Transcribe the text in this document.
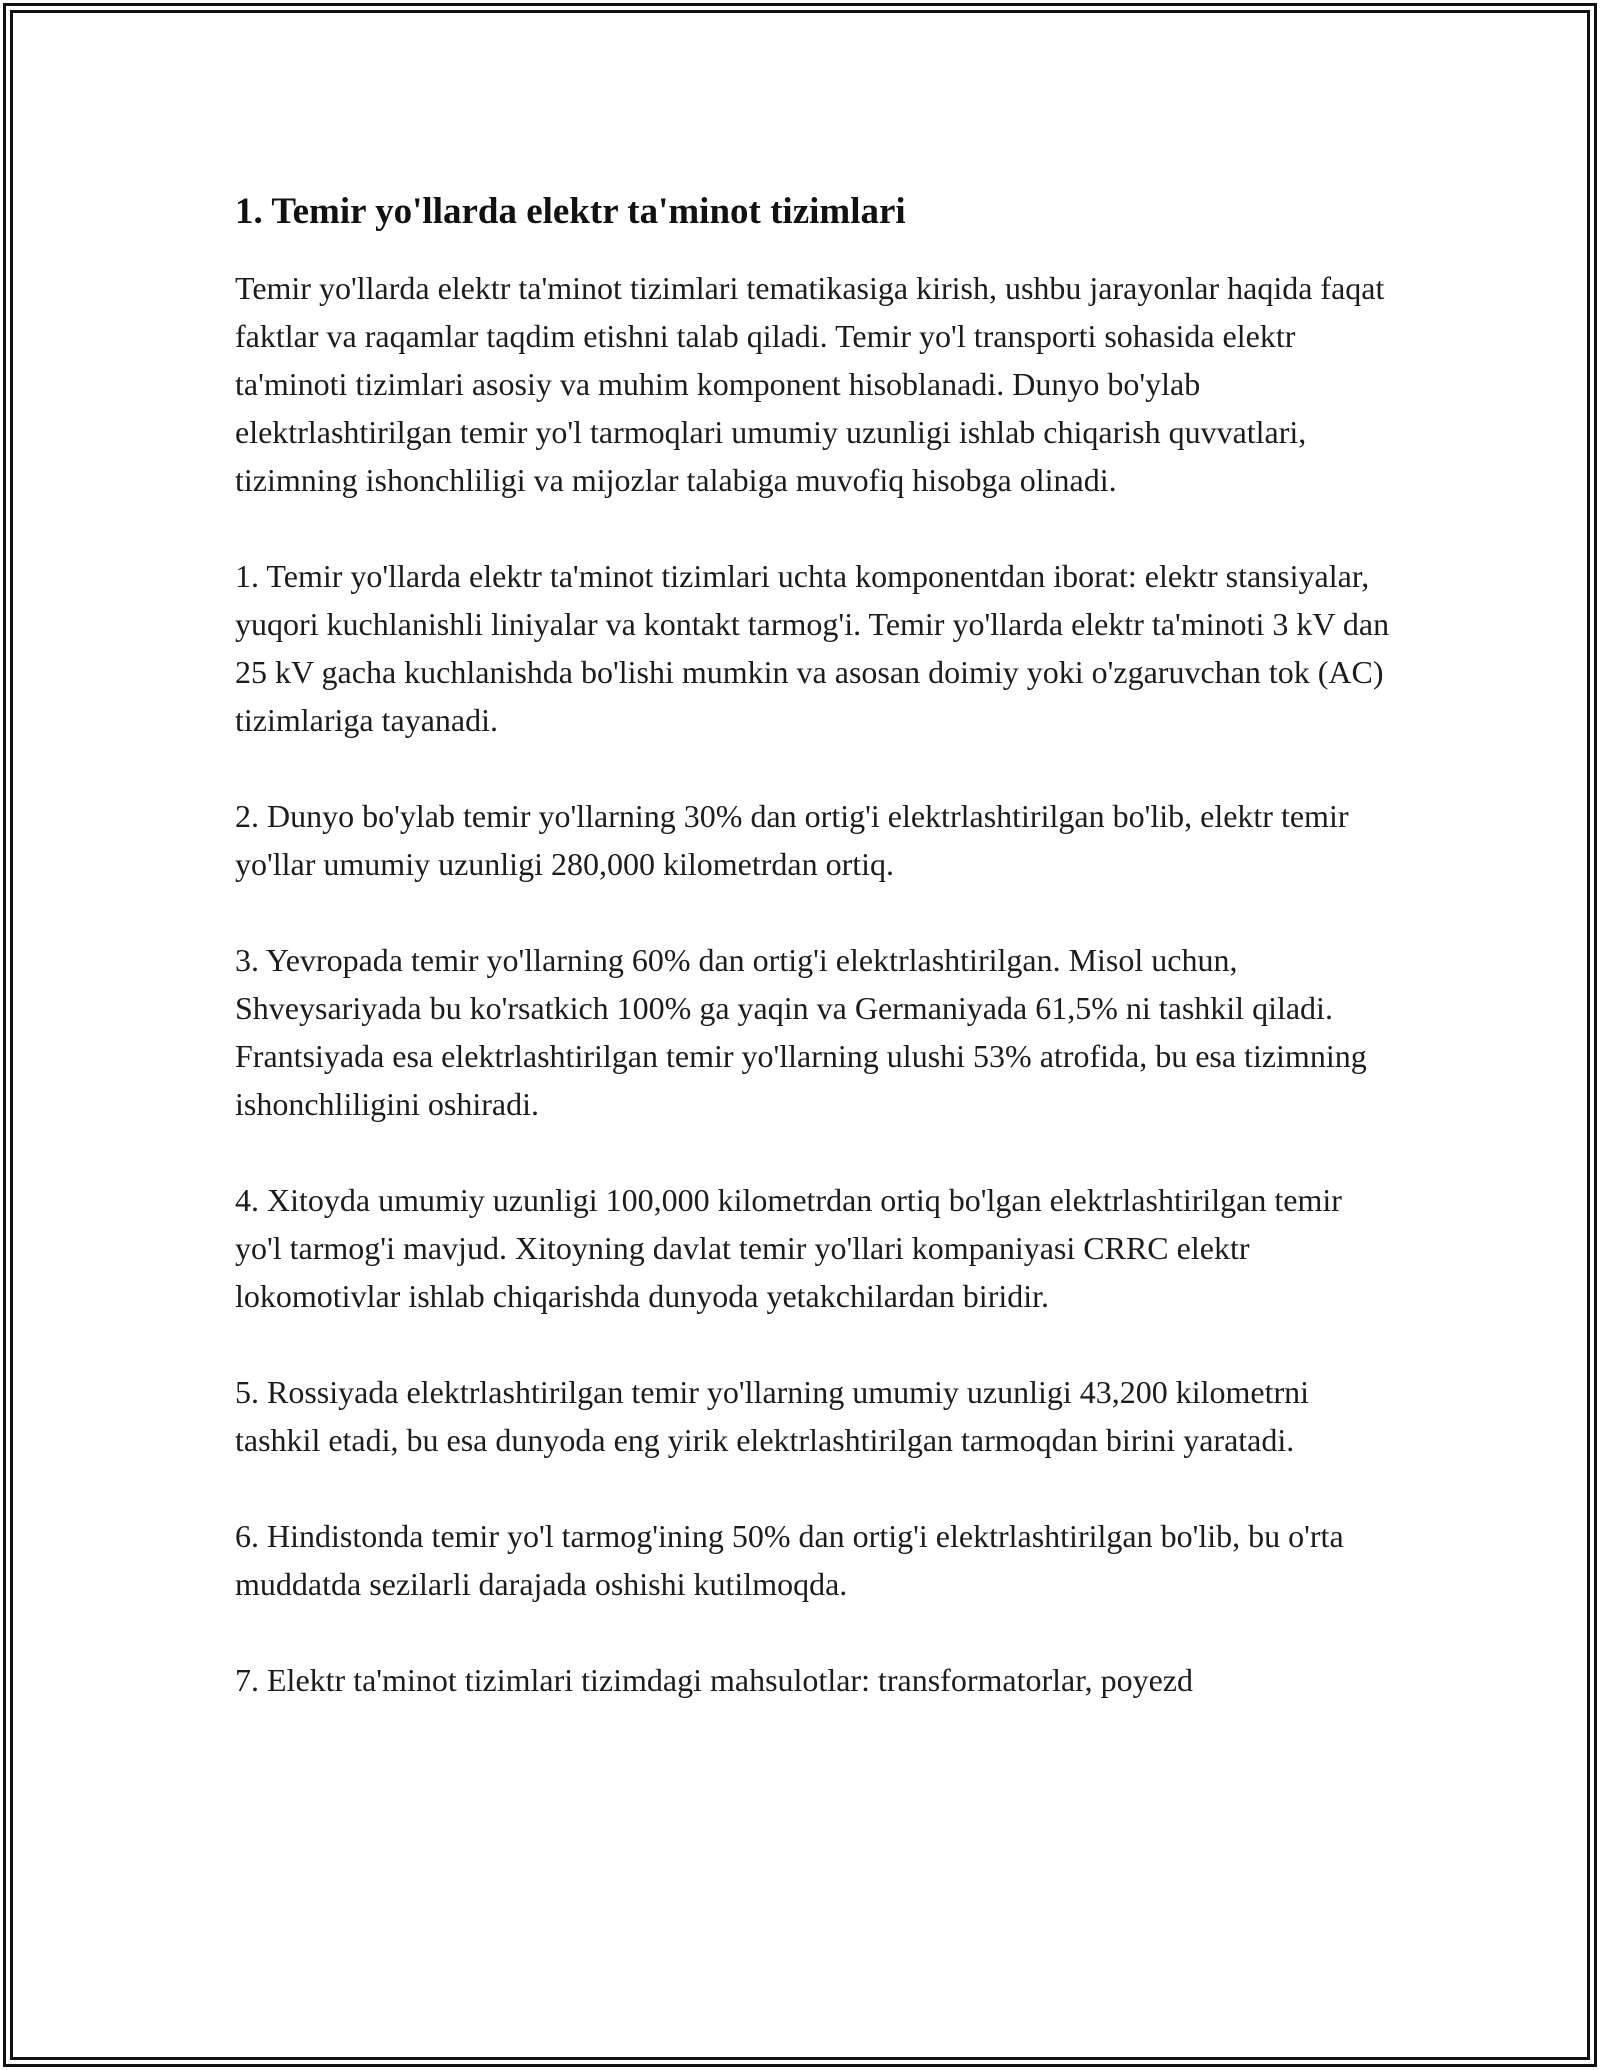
1. Temir yo'llarda elektr ta'minot tizimlari

Temir yo'llarda elektr ta'minot tizimlari tematikasiga kirish, ushbu jarayonlar haqida faqat faktlar va raqamlar taqdim etishni talab qiladi. Temir yo'l transporti sohasida elektr ta'minoti tizimlari asosiy va muhim komponent hisoblanadi. Dunyo bo'ylab elektrlashtirilgan temir yo'l tarmoqlari umumiy uzunligi ishlab chiqarish quvvatlari, tizimning ishonchliligi va mijozlar talabiga muvofiq hisobga olinadi.

1. Temir yo'llarda elektr ta'minot tizimlari uchta komponentdan iborat: elektr stansiyalar, yuqori kuchlanishli liniyalar va kontakt tarmog'i. Temir yo'llarda elektr ta'minoti 3 kV dan 25 kV gacha kuchlanishda bo'lishi mumkin va asosan doimiy yoki o'zgaruvchan tok (AC) tizimlariga tayanadi.

2. Dunyo bo'ylab temir yo'llarning 30% dan ortig'i elektrlashtirilgan bo'lib, elektr temir yo'llar umumiy uzunligi 280,000 kilometrdan ortiq.

3. Yevropada temir yo'llarning 60% dan ortig'i elektrlashtirilgan. Misol uchun, Shveysariyada bu ko'rsatkich 100% ga yaqin va Germaniyada 61,5% ni tashkil qiladi. Frantsiyada esa elektrlashtirilgan temir yo'llarning ulushi 53% atrofida, bu esa tizimning ishonchliligini oshiradi.

4. Xitoyda umumiy uzunligi 100,000 kilometrdan ortiq bo'lgan elektrlashtirilgan temir yo'l tarmog'i mavjud. Xitoyning davlat temir yo'llari kompaniyasi CRRC elektr lokomotivlar ishlab chiqarishda dunyoda yetakchilardan biridir.

5. Rossiyada elektrlashtirilgan temir yo'llarning umumiy uzunligi 43,200 kilometrni tashkil etadi, bu esa dunyoda eng yirik elektrlashtirilgan tarmoqdan birini yaratadi.

6. Hindistonda temir yo'l tarmog'ining 50% dan ortig'i elektrlashtirilgan bo'lib, bu o'rta muddatda sezilarli darajada oshishi kutilmoqda.

7. Elektr ta'minot tizimlari tizimdagi mahsulotlar: transformatorlar, poyezd
